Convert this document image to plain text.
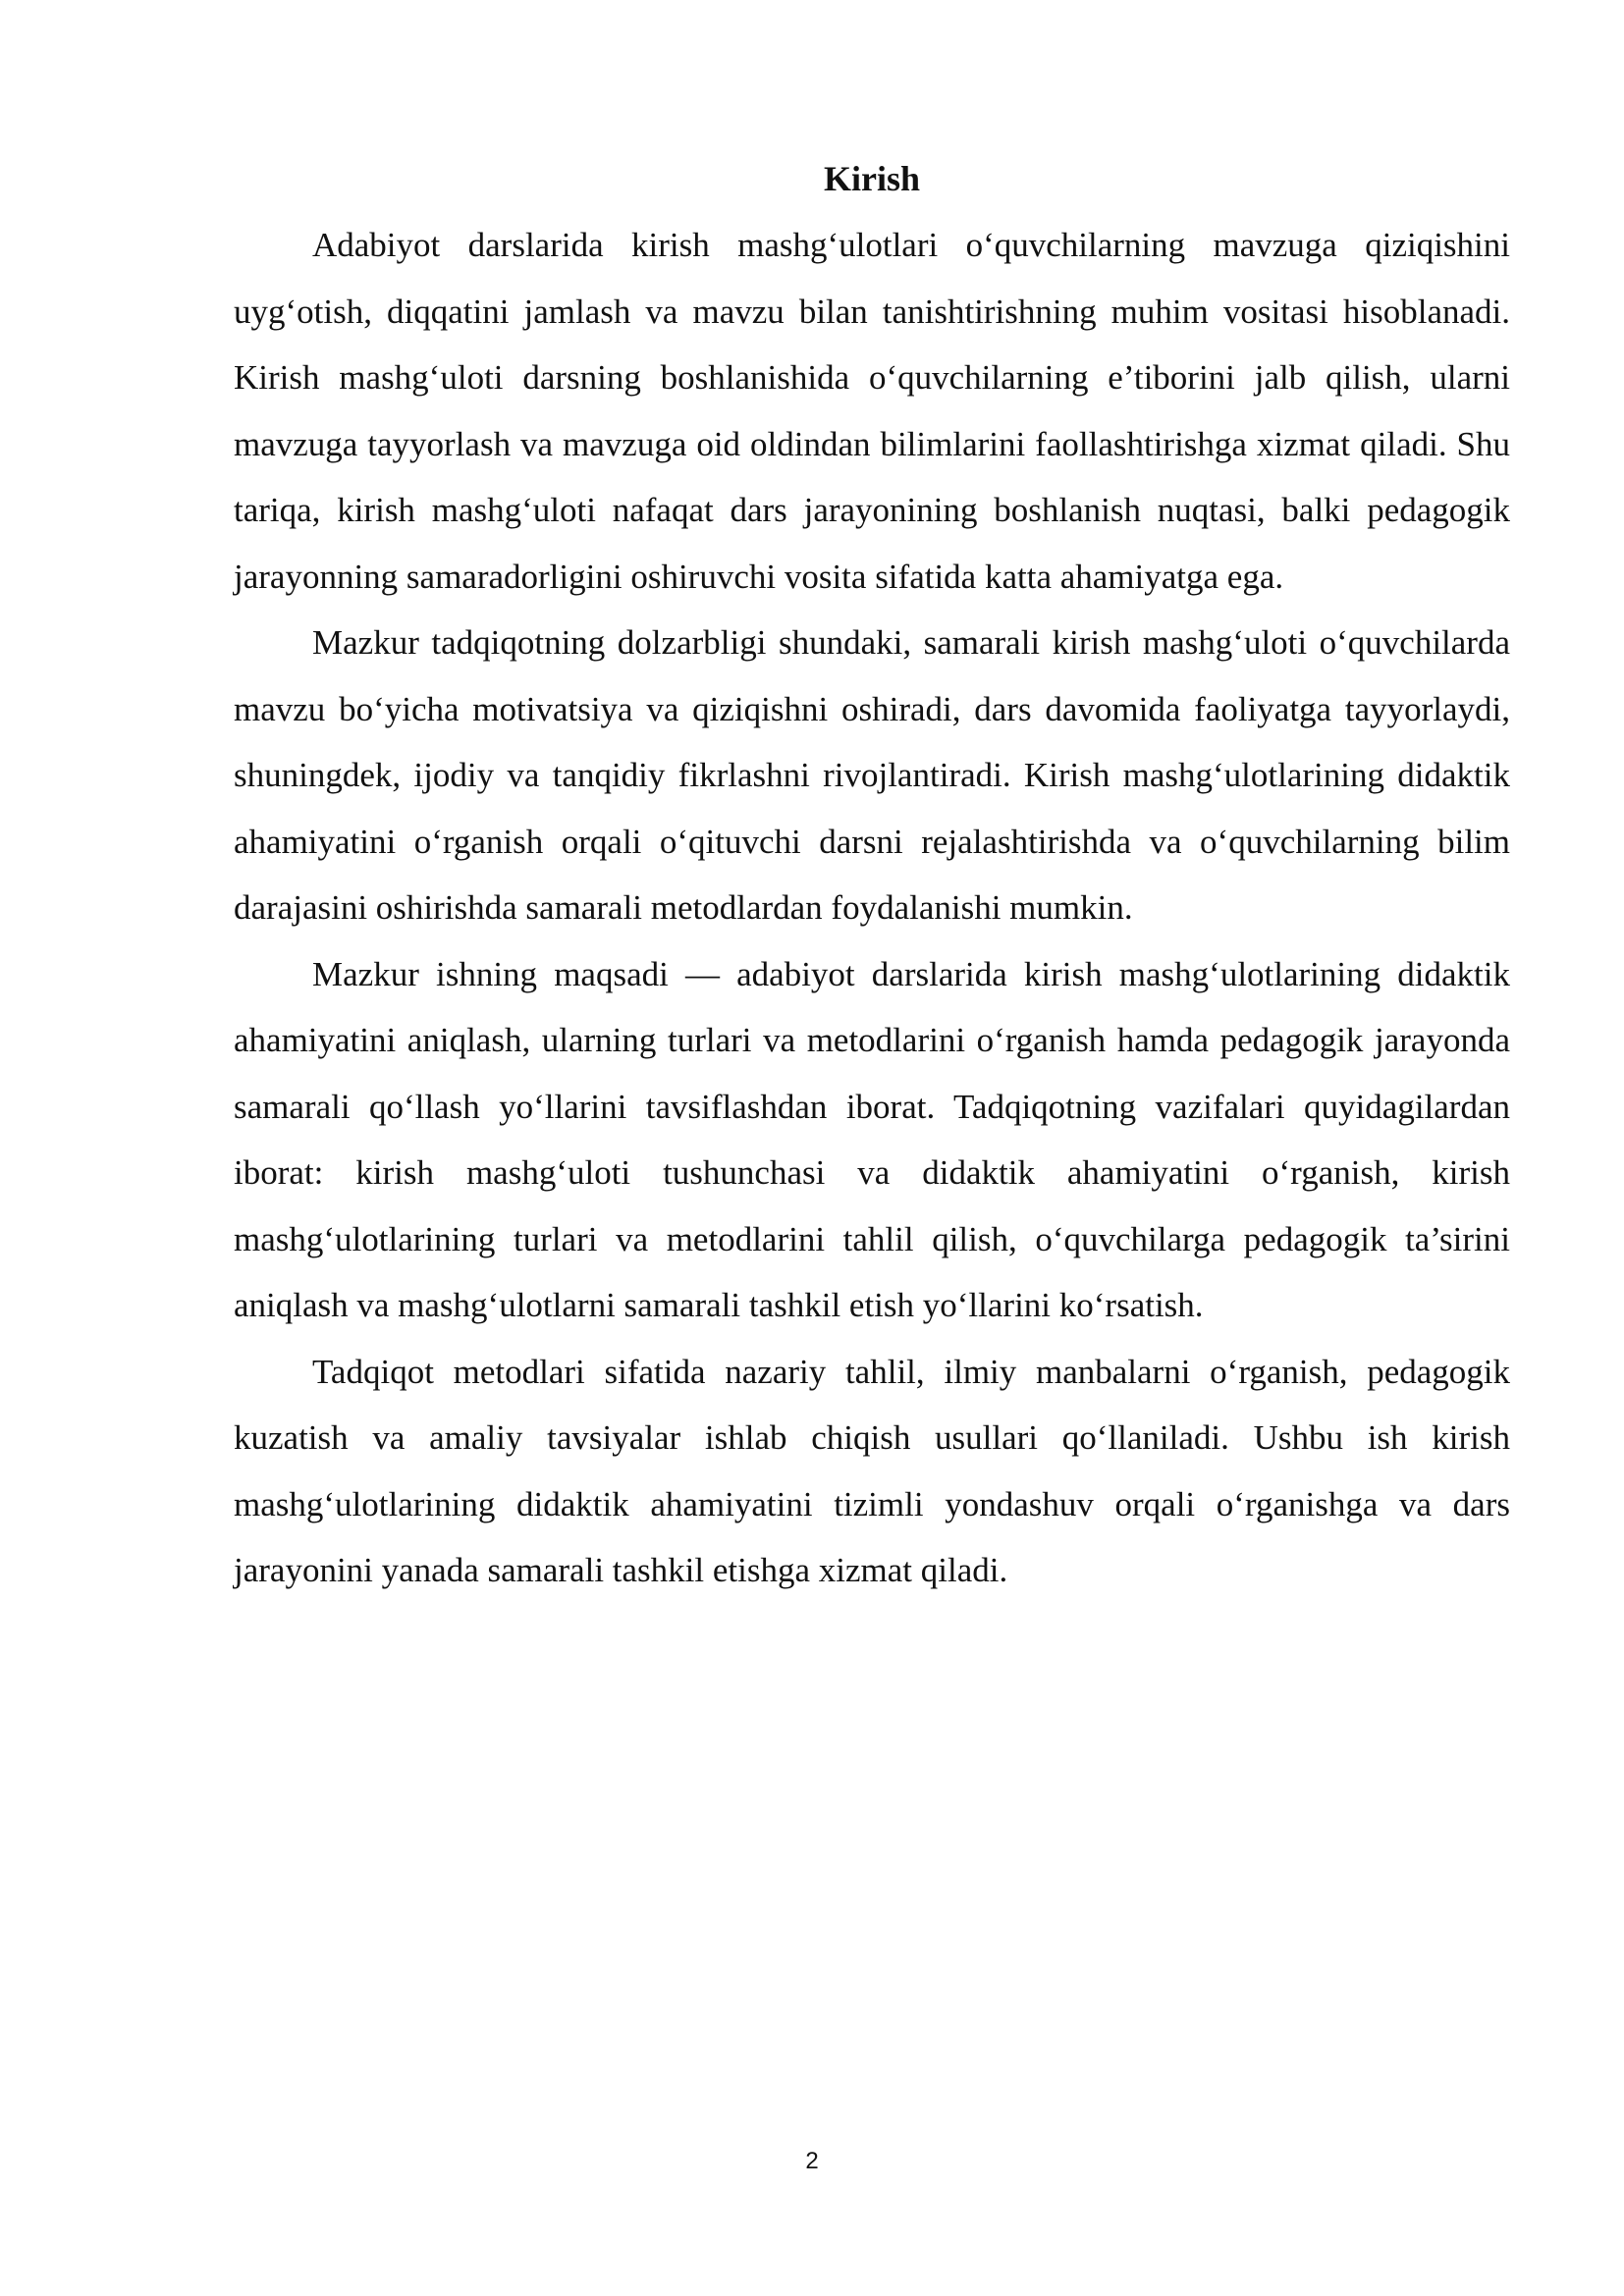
Kirish

Adabiyot darslarida kirish mashg‘ulotlari o‘quvchilarning mavzuga qiziqishini uyg‘otish, diqqatini jamlash va mavzu bilan tanishtirishning muhim vositasi hisoblanadi. Kirish mashg‘uloti darsning boshlanishida o‘quvchilarning e’tiborini jalb qilish, ularni mavzuga tayyorlash va mavzuga oid oldindan bilimlarini faollashtirishga xizmat qiladi. Shu tariqa, kirish mashg‘uloti nafaqat dars jarayonining boshlanish nuqtasi, balki pedagogik jarayonning samaradorligini oshiruvchi vosita sifatida katta ahamiyatga ega.

Mazkur tadqiqotning dolzarbligi shundaki, samarali kirish mashg‘uloti o‘quvchilarda mavzu bo‘yicha motivatsiya va qiziqishni oshiradi, dars davomida faoliyatga tayyorlaydi, shuningdek, ijodiy va tanqidiy fikrlashni rivojlantiradi. Kirish mashg‘ulotlarining didaktik ahamiyatini o‘rganish orqali o‘qituvchi darsni rejalashtirishda va o‘quvchilarning bilim darajasini oshirishda samarali metodlardan foydalanishi mumkin.

Mazkur ishning maqsadi — adabiyot darslarida kirish mashg‘ulotlarining didaktik ahamiyatini aniqlash, ularning turlari va metodlarini o‘rganish hamda pedagogik jarayonda samarali qo‘llash yo‘llarini tavsiflashdan iborat. Tadqiqotning vazifalari quyidagilardan iborat: kirish mashg‘uloti tushunchasi va didaktik ahamiyatini o‘rganish, kirish mashg‘ulotlarining turlari va metodlarini tahlil qilish, o‘quvchilarga pedagogik ta’sirini aniqlash va mashg‘ulotlarni samarali tashkil etish yo‘llarini ko‘rsatish.

Tadqiqot metodlari sifatida nazariy tahlil, ilmiy manbalarni o‘rganish, pedagogik kuzatish va amaliy tavsiyalar ishlab chiqish usullari qo‘llaniladi. Ushbu ish kirish mashg‘ulotlarining didaktik ahamiyatini tizimli yondashuv orqali o‘rganishga va dars jarayonini yanada samarali tashkil etishga xizmat qiladi.

2
